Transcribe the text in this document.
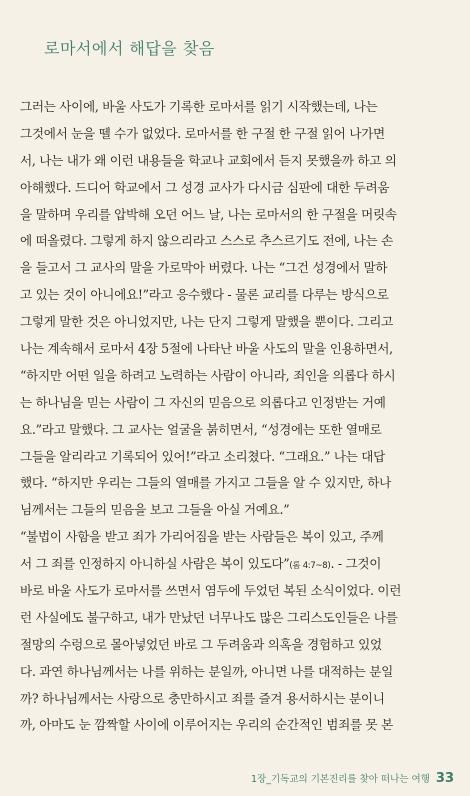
로마서에서 해답을 찾음
그러는 사이에, 바울 사도가 기록한 로마서를 읽기 시작했는데, 나는
그것에서 눈을 뗄 수가 없었다. 로마서를 한 구절 한 구절 읽어 나가면
서, 나는 내가 왜 이런 내용들을 학교나 교회에서 듣지 못했을까 하고 의
아해했다. 드디어 학교에서 그 성경 교사가 다시금 심판에 대한 두려움
을 말하며 우리를 압박해 오던 어느 날, 나는 로마서의 한 구절을 머릿속
에 떠올렸다. 그렇게 하지 않으리라고 스스로 추스르기도 전에, 나는 손
을 들고서 그 교사의 말을 가로막아 버렸다. 나는 “그건 성경에서 말하
고 있는 것이 아니에요!”라고 응수했다 - 물론 교리를 다루는 방식으로
그렇게 말한 것은 아니었지만, 나는 단지 그렇게 말했을 뿐이다. 그리고
나는 계속해서 로마서 4장 5절에 나타난 바울 사도의 말을 인용하면서,
“하지만 어떤 일을 하려고 노력하는 사람이 아니라, 죄인을 의롭다 하시
는 하나님을 믿는 사람이 그 자신의 믿음으로 의롭다고 인정받는 거예
요.”라고 말했다. 그 교사는 얼굴을 붉히면서, “성경에는 또한 열매로
그들을 알리라고 기록되어 있어!”라고 소리쳤다. “그래요.” 나는 대답
했다. “하지만 우리는 그들의 열매를 가지고 그들을 알 수 있지만, 하나
님께서는 그들의 믿음을 보고 그들을 아실 거예요.”
“불법이 사함을 받고 죄가 가리어짐을 받는 사람들은 복이 있고, 주께
서 그 죄를 인정하지 아니하실 사람은 복이 있도다”(롬 4:7~8). - 그것이
바로 바울 사도가 로마서를 쓰면서 염두에 두었던 복된 소식이었다. 이런
런 사실에도 불구하고, 내가 만났던 너무나도 많은 그리스도인들은 나를
절망의 수렁으로 몰아넣었던 바로 그 두려움과 의혹을 경험하고 있었
다. 과연 하나님께서는 나를 위하는 분일까, 아니면 나를 대적하는 분일
까? 하나님께서는 사랑으로 충만하시고 죄를 즐겨 용서하시는 분이니
까, 아마도 눈 깜짝할 사이에 이루어지는 우리의 순간적인 범죄를 못 본
1장_기독교의 기본진리를 찾아 떠나는 여행 33
